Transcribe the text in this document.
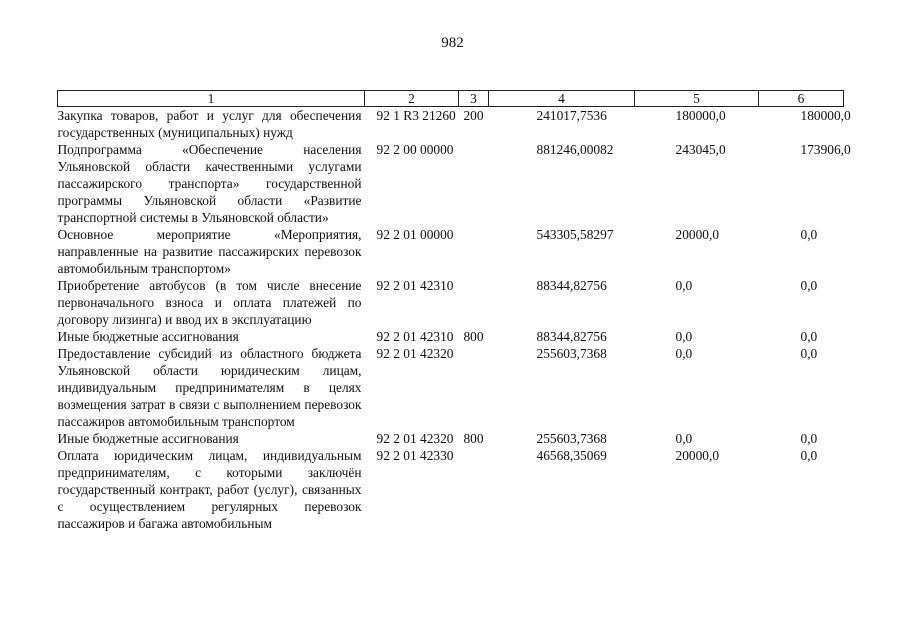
982
1	2	3	4	5	6
Закупка товаров, работ и услуг для обеспечения государственных (муниципальных) нужд	92 1 R3 21260	200	241017,7536	180000,0	180000,0
Подпрограмма «Обеспечение населения Ульяновской области качественными услугами пассажирского транспорта» государственной программы Ульяновской области «Развитие транспортной системы в Ульяновской области»	92 2 00 00000		881246,00082	243045,0	173906,0
Основное мероприятие «Мероприятия, направленные на развитие пассажирских перевозок автомобильным транспортом»	92 2 01 00000		543305,58297	20000,0	0,0
Приобретение автобусов (в том числе внесение первоначального взноса и оплата платежей по договору лизинга) и ввод их в эксплуатацию	92 2 01 42310		88344,82756	0,0	0,0
Иные бюджетные ассигнования	92 2 01 42310	800	88344,82756	0,0	0,0
Предоставление субсидий из областного бюджета Ульяновской области юридическим лицам, индивидуальным предпринимателям в целях возмещения затрат в связи с выполнением перевозок пассажиров автомобильным транспортом	92 2 01 42320		255603,7368	0,0	0,0
Иные бюджетные ассигнования	92 2 01 42320	800	255603,7368	0,0	0,0
Оплата юридическим лицам, индивидуальным предпринимателям, с которыми заключён государственный контракт, работ (услуг), связанных с осуществлением регулярных перевозок пассажиров и багажа автомобильным	92 2 01 42330		46568,35069	20000,0	0,0
